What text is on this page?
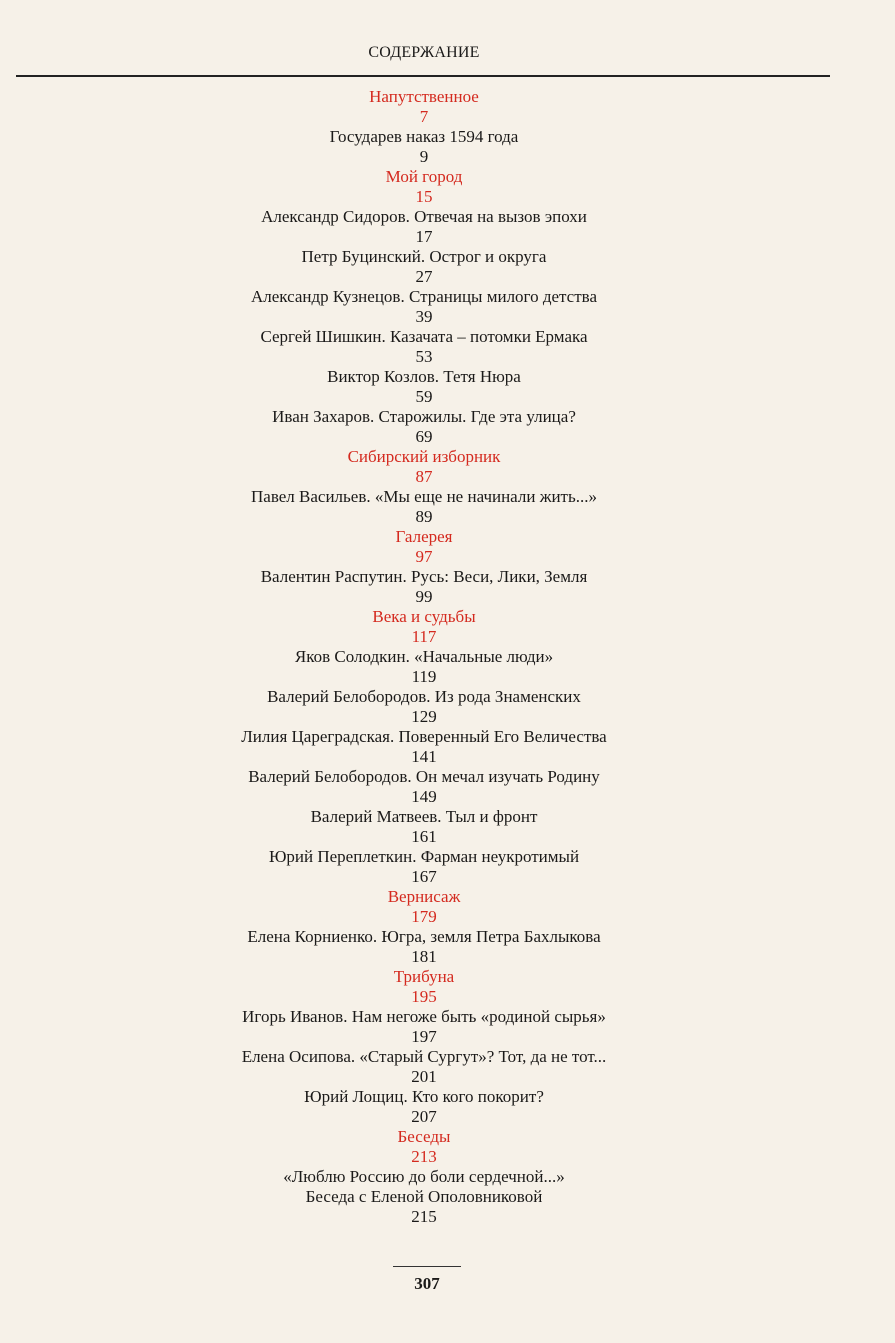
СОДЕРЖАНИЕ
Напутственное
7
Государев наказ 1594 года
9
Мой город
15
Александр Сидоров. Отвечая на вызов эпохи
17
Петр Буцинский. Острог и округа
27
Александр Кузнецов. Страницы милого детства
39
Сергей Шишкин. Казачата – потомки Ермака
53
Виктор Козлов. Тетя Нюра
59
Иван Захаров. Старожилы. Где эта улица?
69
Сибирский изборник
87
Павел Васильев. «Мы еще не начинали жить...»
89
Галерея
97
Валентин Распутин. Русь: Веси, Лики, Земля
99
Века и судьбы
117
Яков Солодкин. «Начальные люди»
119
Валерий Белобородов. Из рода Знаменских
129
Лилия Цареградская. Поверенный Его Величества
141
Валерий Белобородов. Он мечал изучать Родину
149
Валерий Матвеев. Тыл и фронт
161
Юрий Переплеткин. Фарман неукротимый
167
Вернисаж
179
Елена Корниенко. Югра, земля Петра Бахлыкова
181
Трибуна
195
Игорь Иванов. Нам негоже быть «родиной сырья»
197
Елена Осипова. «Старый Сургут»? Тот, да не тот...
201
Юрий Лощиц. Кто кого покорит?
207
Беседы
213
«Люблю Россию до боли сердечной...»
Беседа с Еленой Ополовниковой
215
307
